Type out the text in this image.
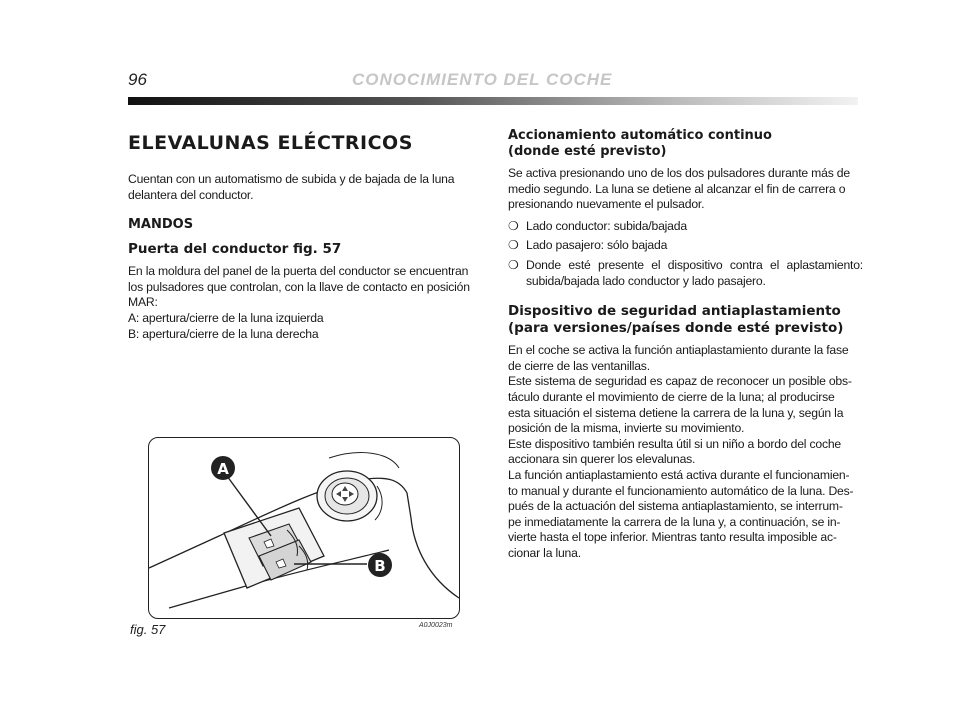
96	CONOCIMIENTO DEL COCHE
ELEVALUNAS ELÉCTRICOS

Cuentan con un automatismo de subida y de bajada de la luna
delantera del conductor.

MANDOS
Puerta del conductor fig. 57

En la moldura del panel de la puerta del conductor se encuentran
los pulsadores que controlan, con la llave de contacto en posición
MAR:
A: apertura/cierre de la luna izquierda
B: apertura/cierre de la luna derecha

A
B
fig. 57	A0J0023m
Accionamiento automático continuo
(donde esté previsto)

Se activa presionando uno de los dos pulsadores durante más de
medio segundo. La luna se detiene al alcanzar el fin de carrera o
presionando nuevamente el pulsador.

❍ Lado conductor: subida/bajada
❍ Lado pasajero: sólo bajada
❍ Donde esté presente el dispositivo contra el aplastamiento: subida/bajada lado conductor y lado pasajero.
Dispositivo de seguridad antiaplastamiento
(para versiones/países donde esté previsto)

En el coche se activa la función antiaplastamiento durante la fase
de cierre de las ventanillas.
Este sistema de seguridad es capaz de reconocer un posible obs-
táculo durante el movimiento de cierre de la luna; al producirse
esta situación el sistema detiene la carrera de la luna y, según la
posición de la misma, invierte su movimiento.
Este dispositivo también resulta útil si un niño a bordo del coche
accionara sin querer los elevalunas.
La función antiaplastamiento está activa durante el funcionamien-
to manual y durante el funcionamiento automático de la luna. Des-
pués de la actuación del sistema antiaplastamiento, se interrum-
pe inmediatamente la carrera de la luna y, a continuación, se in-
vierte hasta el tope inferior. Mientras tanto resulta imposible ac-
cionar la luna.
